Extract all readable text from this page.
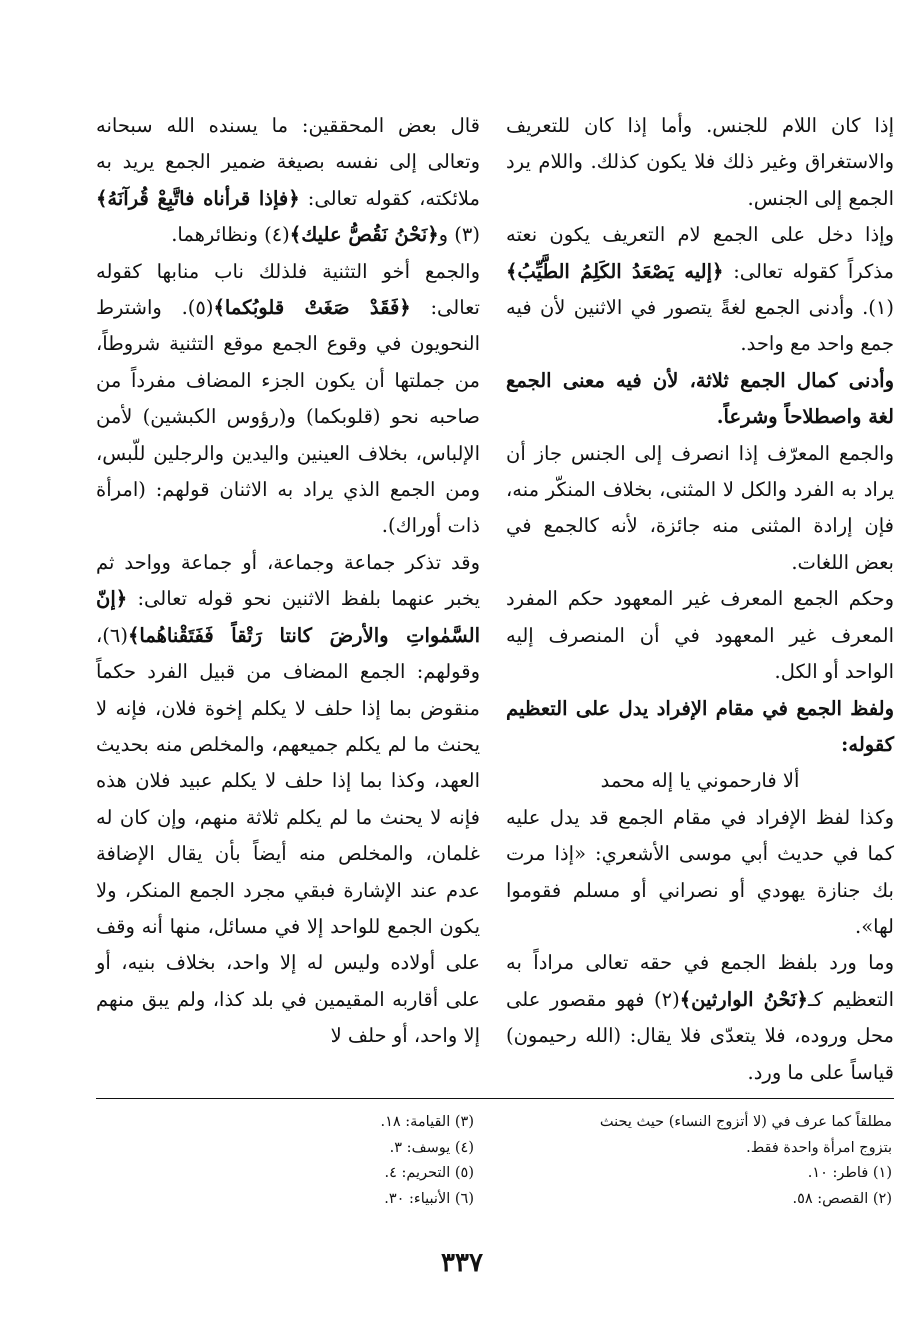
إذا كان اللام للجنس. وأما إذا كان للتعريف والاستغراق وغير ذلك فلا يكون كذلك. واللام يرد الجمع إلى الجنس.

وإذا دخل على الجمع لام التعريف يكون نعته مذكراً كقوله تعالى: ﴿إليه يَصْعَدُ الكَلِمُ الطَّيِّبُ﴾(١). وأدنى الجمع لغةً يتصور في الاثنين لأن فيه جمع واحد مع واحد.

وأدنى كمال الجمع ثلاثة، لأن فيه معنى الجمع لغة واصطلاحاً وشرعاً.

والجمع المعرّف إذا انصرف إلى الجنس جاز أن يراد به الفرد والكل لا المثنى، بخلاف المنكّر منه، فإن إرادة المثنى منه جائزة، لأنه كالجمع في بعض اللغات.

وحكم الجمع المعرف غير المعهود حكم المفرد المعرف غير المعهود في أن المنصرف إليه الواحد أو الكل.

ولفظ الجمع في مقام الإفراد يدل على التعظيم كقوله:

ألا فارحموني يا إله محمد

وكذا لفظ الإفراد في مقام الجمع قد يدل عليه كما في حديث أبي موسى الأشعري: «إذا مرت بك جنازة يهودي أو نصراني أو مسلم فقوموا لها».

وما ورد بلفظ الجمع في حقه تعالى مراداً به التعظيم كـ﴿نَحْنُ الوارثين﴾(٢) فهو مقصور على محل وروده، فلا يتعدّى فلا يقال: (الله رحيمون) قياساً على ما ورد.

قال بعض المحققين: ما يسنده الله سبحانه وتعالى إلى نفسه بصيغة ضمير الجمع يريد به ملائكته، كقوله تعالى: ﴿فإذا قرأناه فاتَّبِعْ قُرآنَهُ﴾(٣) و﴿نَحْنُ نَقُصُّ عليك﴾(٤) ونظائرهما.

والجمع أخو التثنية فلذلك ناب منابها كقوله تعالى: ﴿فَقَدْ صَغَتْ قلوبُكما﴾(٥). واشترط النحويون في وقوع الجمع موقع التثنية شروطاً، من جملتها أن يكون الجزء المضاف مفرداً من صاحبه نحو (قلوبكما) و(رؤوس الكبشين) لأمن الإلباس، بخلاف العينين واليدين والرجلين للّبس، ومن الجمع الذي يراد به الاثنان قولهم: (امرأة ذات أوراك).

وقد تذكر جماعة وجماعة، أو جماعة وواحد ثم يخبر عنهما بلفظ الاثنين نحو قوله تعالى: ﴿إنّ السَّمٰواتِ والأرضَ كانتا رَتْقاً فَفَتَقْناهُما﴾(٦)، وقولهم: الجمع المضاف من قبيل الفرد حكماً منقوض بما إذا حلف لا يكلم إخوة فلان، فإنه لا يحنث ما لم يكلم جميعهم، والمخلص منه بحديث العهد، وكذا بما إذا حلف لا يكلم عبيد فلان هذه فإنه لا يحنث ما لم يكلم ثلاثة منهم، وإن كان له غلمان، والمخلص منه أيضاً بأن يقال الإضافة عدم عند الإشارة فبقي مجرد الجمع المنكر، ولا يكون الجمع للواحد إلا في مسائل، منها أنه وقف على أولاده وليس له إلا واحد، بخلاف بنيه، أو على أقاربه المقيمين في بلد كذا، ولم يبق منهم إلا واحد، أو حلف لا

مطلقاً كما عرف في (لا أتزوج النساء) حيث يحنث

بتزوج امرأة واحدة فقط.

(١) فاطر: ١٠.

(٢) القصص: ٥٨.

(٣) القيامة: ١٨.

(٤) يوسف: ٣.

(٥) التحريم: ٤.

(٦) الأنبياء: ٣٠.

٣٣٧
